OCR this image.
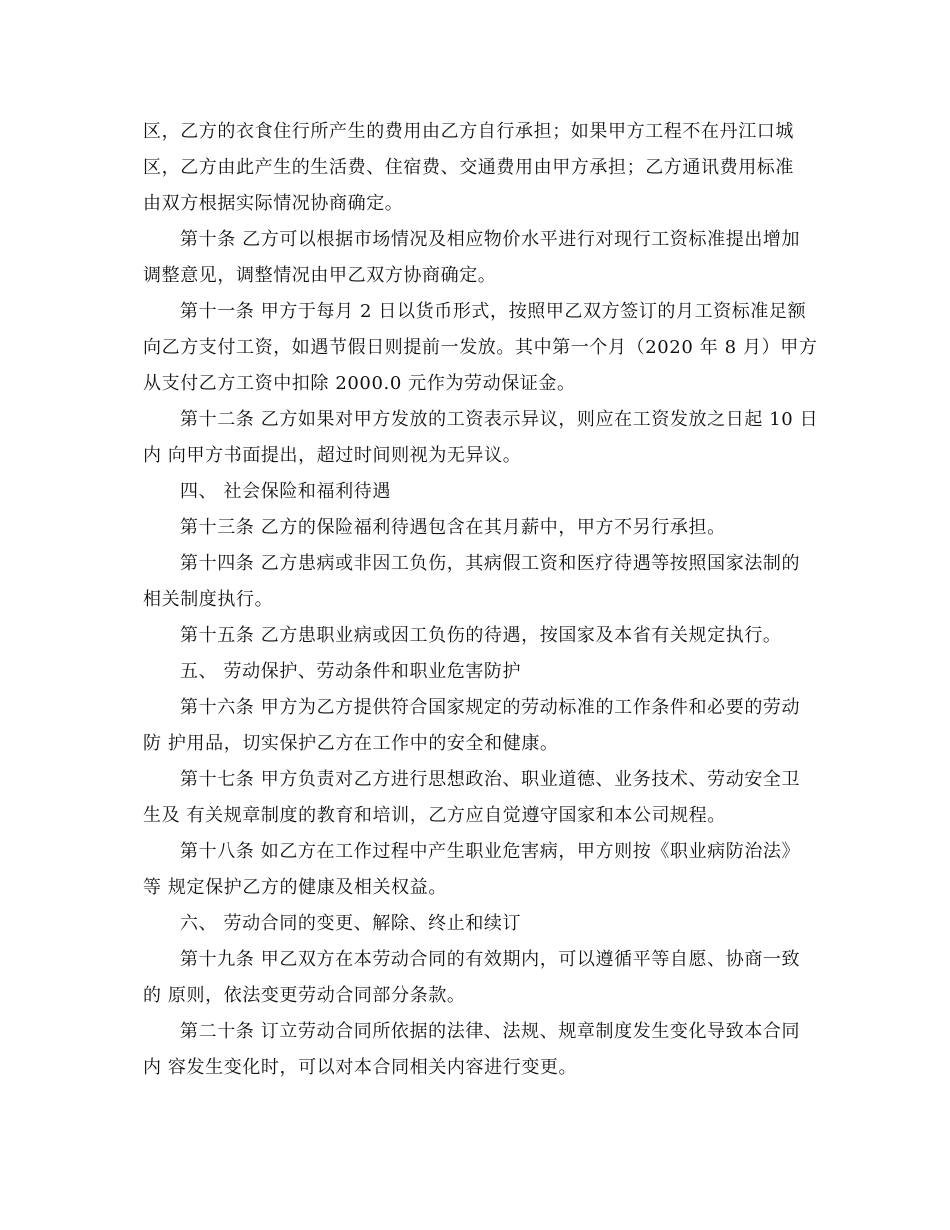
区，乙方的衣食住行所产生的费用由乙方自行承担；如果甲方工程不在丹江口城
区，乙方由此产生的生活费、住宿费、交通费用由甲方承担；乙方通讯费用标准
由双方根据实际情况协商确定。
第十条 乙方可以根据市场情况及相应物价水平进行对现行工资标准提出增加
调整意见，调整情况由甲乙双方协商确定。
第十一条 甲方于每月 2 日以货币形式，按照甲乙双方签订的月工资标准足额
向乙方支付工资，如遇节假日则提前一发放。其中第一个月（2020 年 8 月）甲方
从支付乙方工资中扣除 2000.0 元作为劳动保证金。
第十二条 乙方如果对甲方发放的工资表示异议，则应在工资发放之日起 10 日
内 向甲方书面提出，超过时间则视为无异议。
四、 社会保险和福利待遇
第十三条 乙方的保险福利待遇包含在其月薪中，甲方不另行承担。
第十四条 乙方患病或非因工负伤，其病假工资和医疗待遇等按照国家法制的
相关制度执行。
第十五条 乙方患职业病或因工负伤的待遇，按国家及本省有关规定执行。
五、 劳动保护、劳动条件和职业危害防护
第十六条 甲方为乙方提供符合国家规定的劳动标准的工作条件和必要的劳动
防 护用品，切实保护乙方在工作中的安全和健康。
第十七条 甲方负责对乙方进行思想政治、职业道德、业务技术、劳动安全卫
生及 有关规章制度的教育和培训，乙方应自觉遵守国家和本公司规程。
第十八条 如乙方在工作过程中产生职业危害病，甲方则按《职业病防治法》
等 规定保护乙方的健康及相关权益。
六、 劳动合同的变更、解除、终止和续订
第十九条 甲乙双方在本劳动合同的有效期内，可以遵循平等自愿、协商一致
的 原则，依法变更劳动合同部分条款。
第二十条 订立劳动合同所依据的法律、法规、规章制度发生变化导致本合同
内 容发生变化时，可以对本合同相关内容进行变更。
